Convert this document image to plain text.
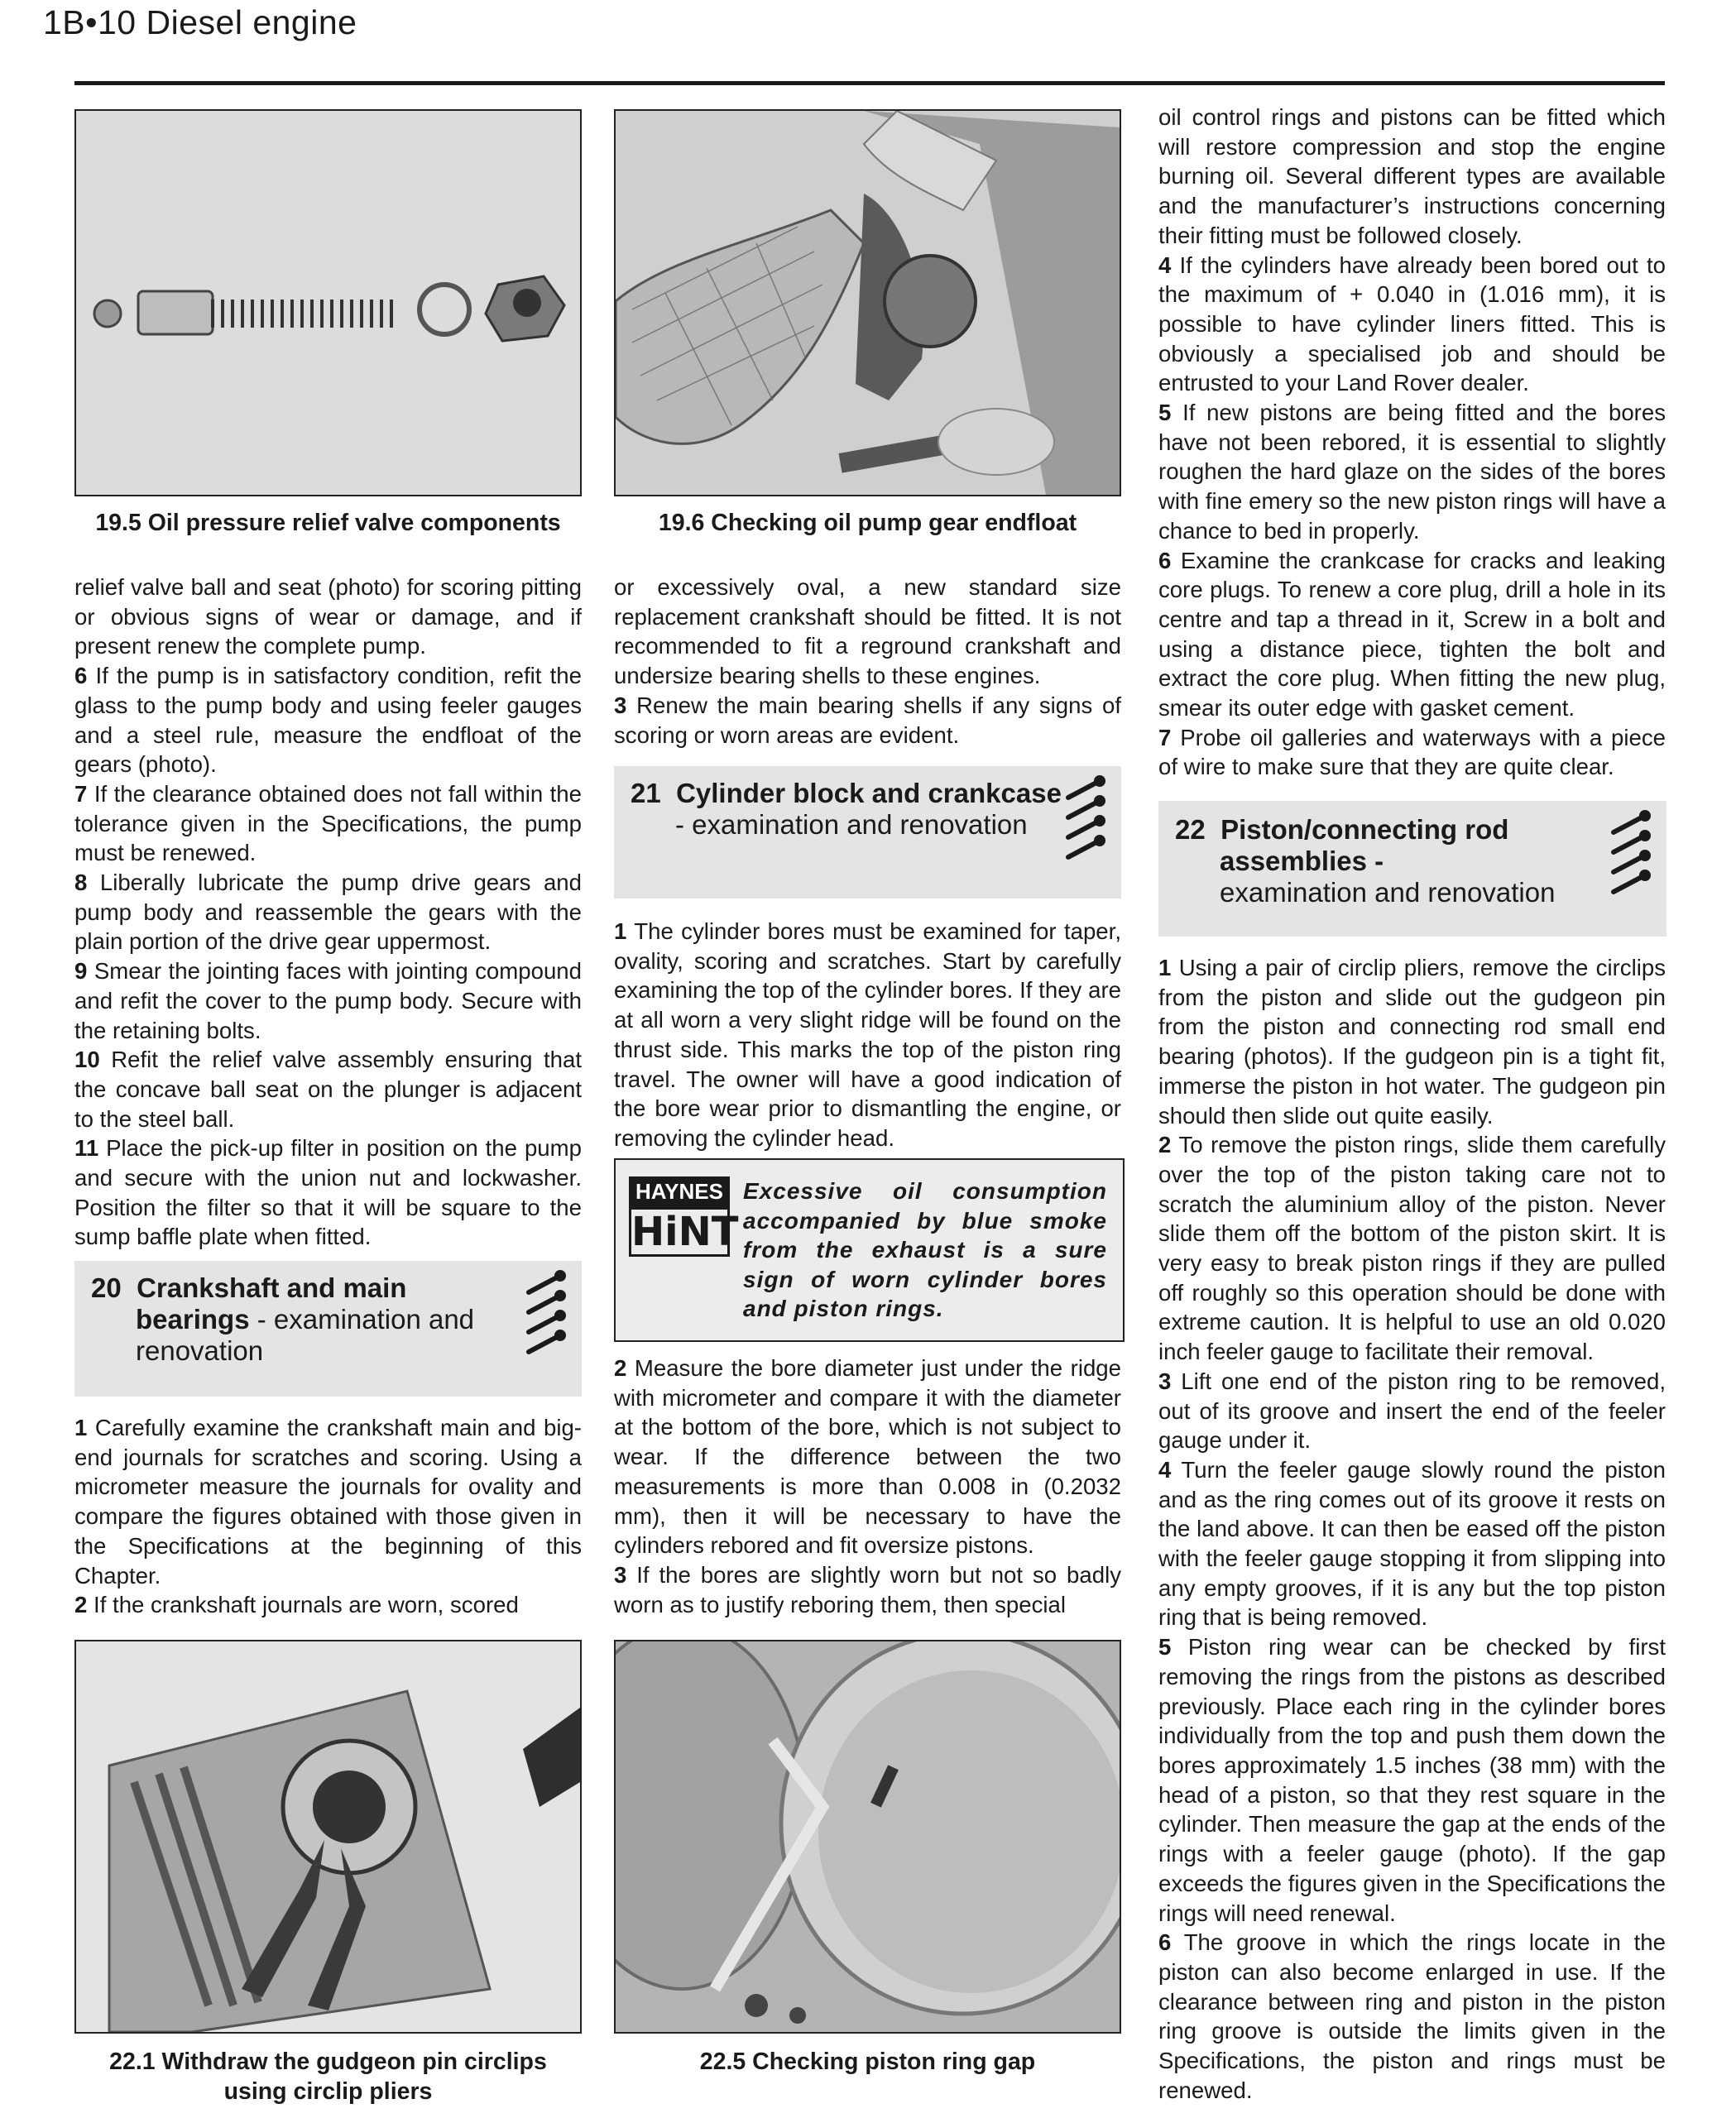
1B•10 Diesel engine
19.5 Oil pressure relief valve components	19.6 Checking oil pump gear endfloat

relief valve ball and seat (photo) for scoring pitting or obvious signs of wear or damage, and if present renew the complete pump.

6 If the pump is in satisfactory condition, refit the glass to the pump body and using feeler gauges and a steel rule, measure the endfloat of the gears (photo).

7 If the clearance obtained does not fall within the tolerance given in the Specifications, the pump must be renewed.

8 Liberally lubricate the pump drive gears and pump body and reassemble the gears with the plain portion of the drive gear uppermost.

9 Smear the jointing faces with jointing compound and refit the cover to the pump body. Secure with the retaining bolts.

10 Refit the relief valve assembly ensuring that the concave ball seat on the plunger is adjacent to the steel ball.

11 Place the pick-up filter in position on the pump and secure with the union nut and lockwasher. Position the filter so that it will be square to the sump baffle plate when fitted.

20 Crankshaft and main
bearings - examination and

renovation

1 Carefully examine the crankshaft main and big-end journals for scratches and scoring. Using a micrometer measure the journals for ovality and compare the figures obtained with those given in the Specifications at the beginning of this Chapter.

2 If the crankshaft journals are worn, scored

or excessively oval, a new standard size replacement crankshaft should be fitted. It is not recommended to fit a reground crankshaft and undersize bearing shells to these engines.

3 Renew the main bearing shells if any signs of scoring or worn areas are evident.

21 Cylinder block and crankcase

- examination and renovation

1 The cylinder bores must be examined for taper, ovality, scoring and scratches. Start by carefully examining the top of the cylinder bores. If they are at all worn a very slight ridge will be found on the thrust side. This marks the top of the piston ring travel. The owner will have a good indication of the bore wear prior to dismantling the engine, or removing the cylinder head.

HAYNES
HiNT
Excessive oil consumption accompanied by blue smoke from the exhaust is a sure sign of worn cylinder bores and piston rings.

2 Measure the bore diameter just under the ridge with micrometer and compare it with the diameter at the bottom of the bore, which is not subject to wear. If the difference between the two measurements is more than 0.008 in (0.2032 mm), then it will be necessary to have the cylinders rebored and fit oversize pistons.

3 If the bores are slightly worn but not so badly worn as to justify reboring them, then special

22.1 Withdraw the gudgeon pin circlips
using circlip pliers
22.5 Checking piston ring gap

oil control rings and pistons can be fitted which will restore compression and stop the engine burning oil. Several different types are available and the manufacturer’s instructions concerning their fitting must be followed closely.

4 If the cylinders have already been bored out to the maximum of + 0.040 in (1.016 mm), it is possible to have cylinder liners fitted. This is obviously a specialised job and should be entrusted to your Land Rover dealer.

5 If new pistons are being fitted and the bores have not been rebored, it is essential to slightly roughen the hard glaze on the sides of the bores with fine emery so the new piston rings will have a chance to bed in properly.

6 Examine the crankcase for cracks and leaking core plugs. To renew a core plug, drill a hole in its centre and tap a thread in it, Screw in a bolt and using a distance piece, tighten the bolt and extract the core plug. When fitting the new plug, smear its outer edge with gasket cement.

7 Probe oil galleries and waterways with a piece of wire to make sure that they are quite clear.

22 Piston/connecting rod
assemblies -

examination and renovation

1 Using a pair of circlip pliers, remove the circlips from the piston and slide out the gudgeon pin from the piston and connecting rod small end bearing (photos). If the gudgeon pin is a tight fit, immerse the piston in hot water. The gudgeon pin should then slide out quite easily.

2 To remove the piston rings, slide them carefully over the top of the piston taking care not to scratch the aluminium alloy of the piston. Never slide them off the bottom of the piston skirt. It is very easy to break piston rings if they are pulled off roughly so this operation should be done with extreme caution. It is helpful to use an old 0.020 inch feeler gauge to facilitate their removal.

3 Lift one end of the piston ring to be removed, out of its groove and insert the end of the feeler gauge under it.

4 Turn the feeler gauge slowly round the piston and as the ring comes out of its groove it rests on the land above. It can then be eased off the piston with the feeler gauge stopping it from slipping into any empty grooves, if it is any but the top piston ring that is being removed.

5 Piston ring wear can be checked by first removing the rings from the pistons as described previously. Place each ring in the cylinder bores individually from the top and push them down the bores approximately 1.5 inches (38 mm) with the head of a piston, so that they rest square in the cylinder. Then measure the gap at the ends of the rings with a feeler gauge (photo). If the gap exceeds the figures given in the Specifications the rings will need renewal.

6 The groove in which the rings locate in the piston can also become enlarged in use. If the clearance between ring and piston in the piston ring groove is outside the limits given in the Specifications, the piston and rings must be renewed.
